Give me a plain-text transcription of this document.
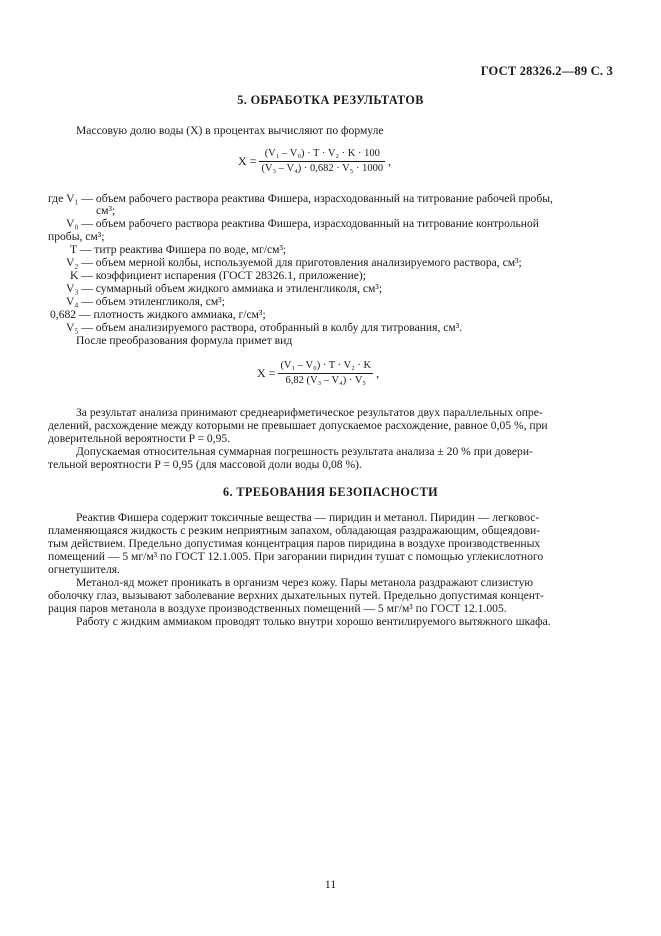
ГОСТ 28326.2—89 С. 3
5. ОБРАБОТКА РЕЗУЛЬТАТОВ
Массовую долю воды (X) в процентах вычисляют по формуле
$X = \frac{\text{(V₁ – V₀) · T · V₂ · K · 100}}{\text{(V₃ – V₄) · 0,682 · V₅ · 1000}}$ ,
где V₁ — объем рабочего раствора реактива Фишера, израсходованный на титрование рабочей пробы,
см³;
V₀ — объем рабочего раствора реактива Фишера, израсходованный на титрование контрольной
пробы, см³;
T — титр реактива Фишера по воде, мг/см³;
V₂ — объем мерной колбы, используемой для приготовления анализируемого раствора, см³;
K — коэффициент испарения (ГОСТ 28326.1, приложение);
V₃ — суммарный объем жидкого аммиака и этиленгликоля, см³;
V₄ — объем этиленгликоля, см³;
0,682 — плотность жидкого аммиака, г/см³;
V₅ — объем анализируемого раствора, отобранный в колбу для титрования, см³.
После преобразования формула примет вид
$X = \frac{\text{(V₁ – V₀) · T · V₂ · K}}{\text{6,82 (V₃ – V₄) · V₅}}$ ,
За результат анализа принимают среднеарифметическое результатов двух параллельных опре-
делений, расхождение между которыми не превышает допускаемое расхождение, равное 0,05 %, при
доверительной вероятности P = 0,95.
Допускаемая относительная суммарная погрешность результата анализа ± 20 % при довери-
тельной вероятности P = 0,95 (для массовой доли воды 0,08 %).
6. ТРЕБОВАНИЯ БЕЗОПАСНОСТИ
Реактив Фишера содержит токсичные вещества — пиридин и метанол. Пиридин — легковос-
пламеняющаяся жидкость с резким неприятным запахом, обладающая раздражающим, общеядови-
тым действием. Предельно допустимая концентрация паров пиридина в воздухе производственных
помещений — 5 мг/м³ по ГОСТ 12.1.005. При загорании пиридин тушат с помощью углекислотного
огнетушителя.
Метанол-яд может проникать в организм через кожу. Пары метанола раздражают слизистую
оболочку глаз, вызывают заболевание верхних дыхательных путей. Предельно допустимая концент-
рация паров метанола в воздухе производственных помещений — 5 мг/м³ по ГОСТ 12.1.005.
Работу с жидким аммиаком проводят только внутри хорошо вентилируемого вытяжного шкафа.
11
